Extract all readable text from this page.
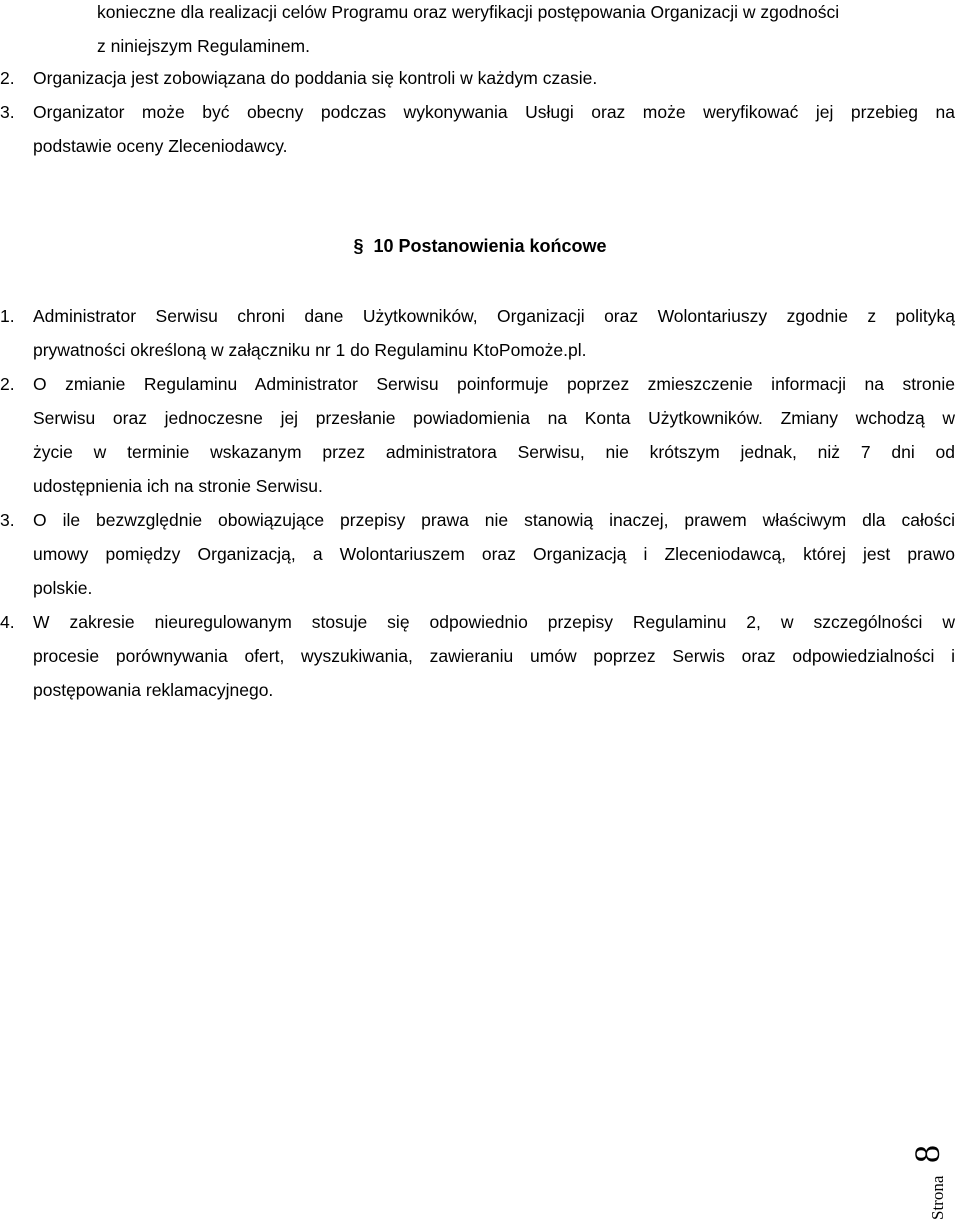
konieczne dla realizacji celów Programu oraz weryfikacji postępowania Organizacji w zgodności

z niniejszym Regulaminem.

2. Organizacja jest zobowiązana do poddania się kontroli w każdym czasie.

3. Organizator może być obecny podczas wykonywania Usługi oraz może weryfikować jej przebieg na

podstawie oceny Zleceniodawcy.

§ 10 Postanowienia końcowe

1. Administrator Serwisu chroni dane Użytkowników, Organizacji oraz Wolontariuszy zgodnie z polityką

prywatności określoną w załączniku nr 1 do Regulaminu KtoPomoże.pl.

2. O zmianie Regulaminu Administrator Serwisu poinformuje poprzez zmieszczenie informacji na stronie

Serwisu oraz jednoczesne jej przesłanie powiadomienia na Konta Użytkowników. Zmiany wchodzą w

życie w terminie wskazanym przez administratora Serwisu, nie krótszym jednak, niż 7 dni od

udostępnienia ich na stronie Serwisu.

3. O ile bezwzględnie obowiązujące przepisy prawa nie stanowią inaczej, prawem właściwym dla całości

umowy pomiędzy Organizacją, a Wolontariuszem oraz Organizacją i Zleceniodawcą, której jest prawo

polskie.

4. W zakresie nieuregulowanym stosuje się odpowiednio przepisy Regulaminu 2, w szczególności w

procesie porównywania ofert, wyszukiwania, zawieraniu umów poprzez Serwis oraz odpowiedzialności i

postępowania reklamacyjnego.

Strona
8
